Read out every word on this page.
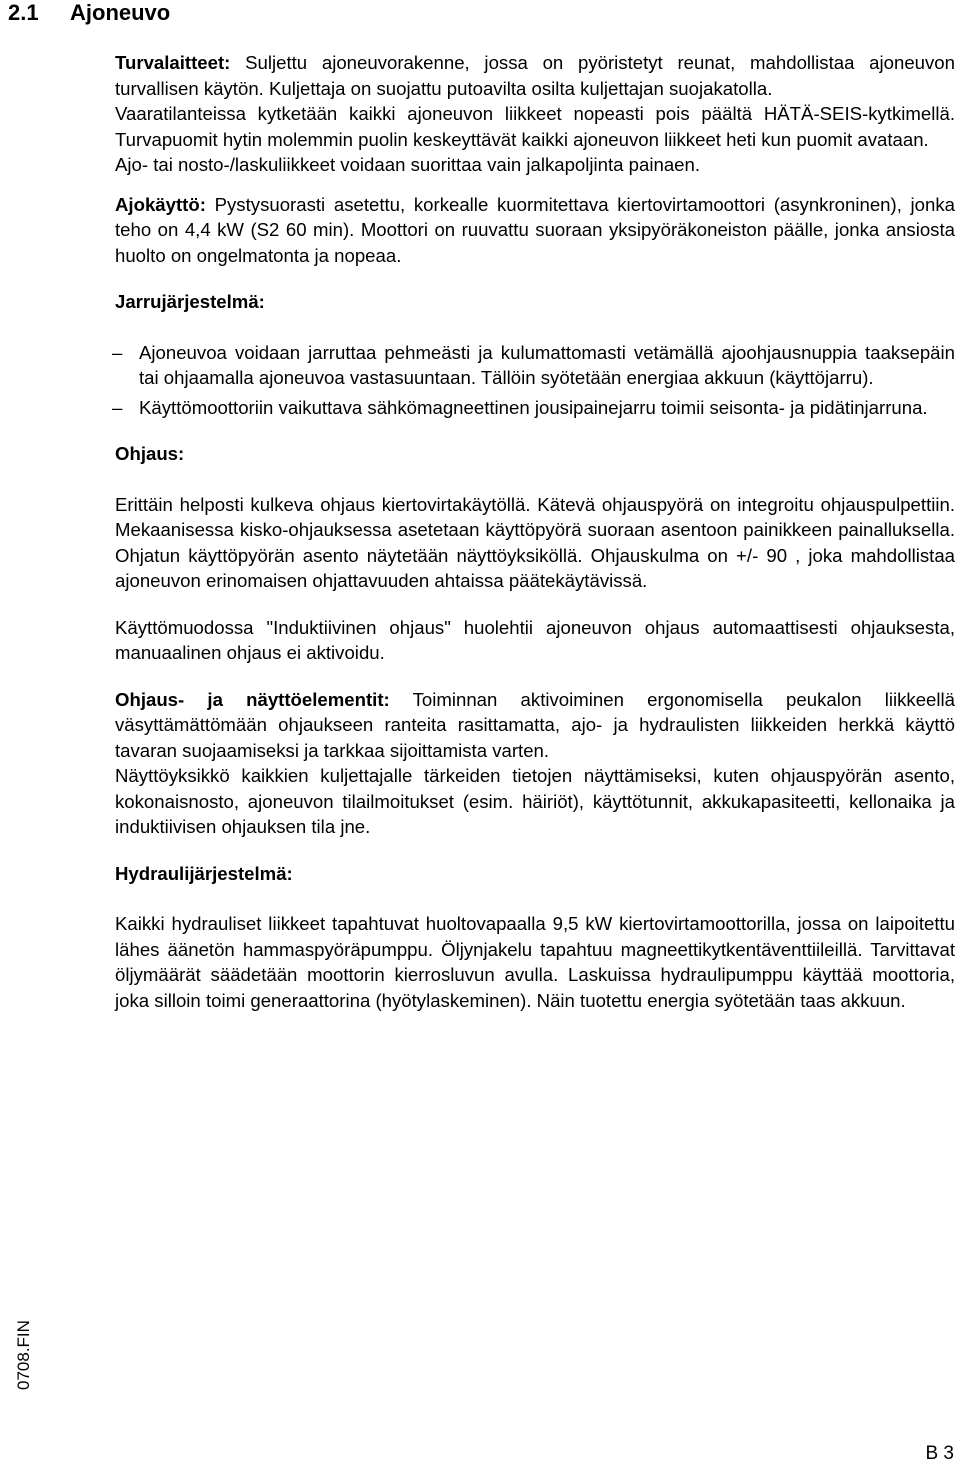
2.1 Ajoneuvo

Turvalaitteet: Suljettu ajoneuvorakenne, jossa on pyöristetyt reunat, mahdollistaa ajoneuvon turvallisen käytön. Kuljettaja on suojattu putoavilta osilta kuljettajan suojakatolla.

Vaaratilanteissa kytketään kaikki ajoneuvon liikkeet nopeasti pois päältä HÄTÄ-SEIS-kytkimellä. Turvapuomit hytin molemmin puolin keskeyttävät kaikki ajoneuvon liikkeet heti kun puomit avataan.

Ajo- tai nosto-/laskuliikkeet voidaan suorittaa vain jalkapoljinta painaen.

Ajokäyttö: Pystysuorasti asetettu, korkealle kuormitettava kiertovirtamoottori (asynkroninen), jonka teho on 4,4 kW (S2 60 min). Moottori on ruuvattu suoraan yksipyöräkoneiston päälle, jonka ansiosta huolto on ongelmatonta ja nopeaa.

Jarrujärjestelmä:

– Ajoneuvoa voidaan jarruttaa pehmeästi ja kulumattomasti vetämällä ajoohjausnuppia taaksepäin tai ohjaamalla ajoneuvoa vastasuuntaan. Tällöin syötetään energiaa akkuun (käyttöjarru).
– Käyttömoottoriin vaikuttava sähkömagneettinen jousipainejarru toimii seisonta- ja pidätinjarruna.

Ohjaus:

Erittäin helposti kulkeva ohjaus kiertovirtakäytöllä. Kätevä ohjauspyörä on integroitu ohjauspulpettiin. Mekaanisessa kisko-ohjauksessa asetetaan käyttöpyörä suoraan asentoon painikkeen painalluksella. Ohjatun käyttöpyörän asento näytetään näyttöyksiköllä. Ohjauskulma on +/- 90 , joka mahdollistaa ajoneuvon erinomaisen ohjattavuuden ahtaissa päätekäytävissä.

Käyttömuodossa "Induktiivinen ohjaus" huolehtii ajoneuvon ohjaus automaattisesti ohjauksesta, manuaalinen ohjaus ei aktivoidu.

Ohjaus- ja näyttöelementit: Toiminnan aktivoiminen ergonomisella peukalon liikkeellä väsyttämättömään ohjaukseen ranteita rasittamatta, ajo- ja hydraulisten liikkeiden herkkä käyttö tavaran suojaamiseksi ja tarkkaa sijoittamista varten.

Näyttöyksikkö kaikkien kuljettajalle tärkeiden tietojen näyttämiseksi, kuten ohjauspyörän asento, kokonaisnosto, ajoneuvon tilailmoitukset (esim. häiriöt), käyttötunnit, akkukapasiteetti, kellonaika ja induktiivisen ohjauksen tila jne.

Hydraulijärjestelmä:

Kaikki hydrauliset liikkeet tapahtuvat huoltovapaalla 9,5 kW kiertovirtamoottorilla, jossa on laipoitettu lähes äänetön hammaspyöräpumppu. Öljynjakelu tapahtuu magneettikytkentäventtiileillä. Tarvittavat öljymäärät säädetään moottorin kierrosluvun avulla. Laskuissa hydraulipumppu käyttää moottoria, joka silloin toimi generaattorina (hyötylaskeminen). Näin tuotettu energia syötetään taas akkuun.

0708.FIN
B 3
